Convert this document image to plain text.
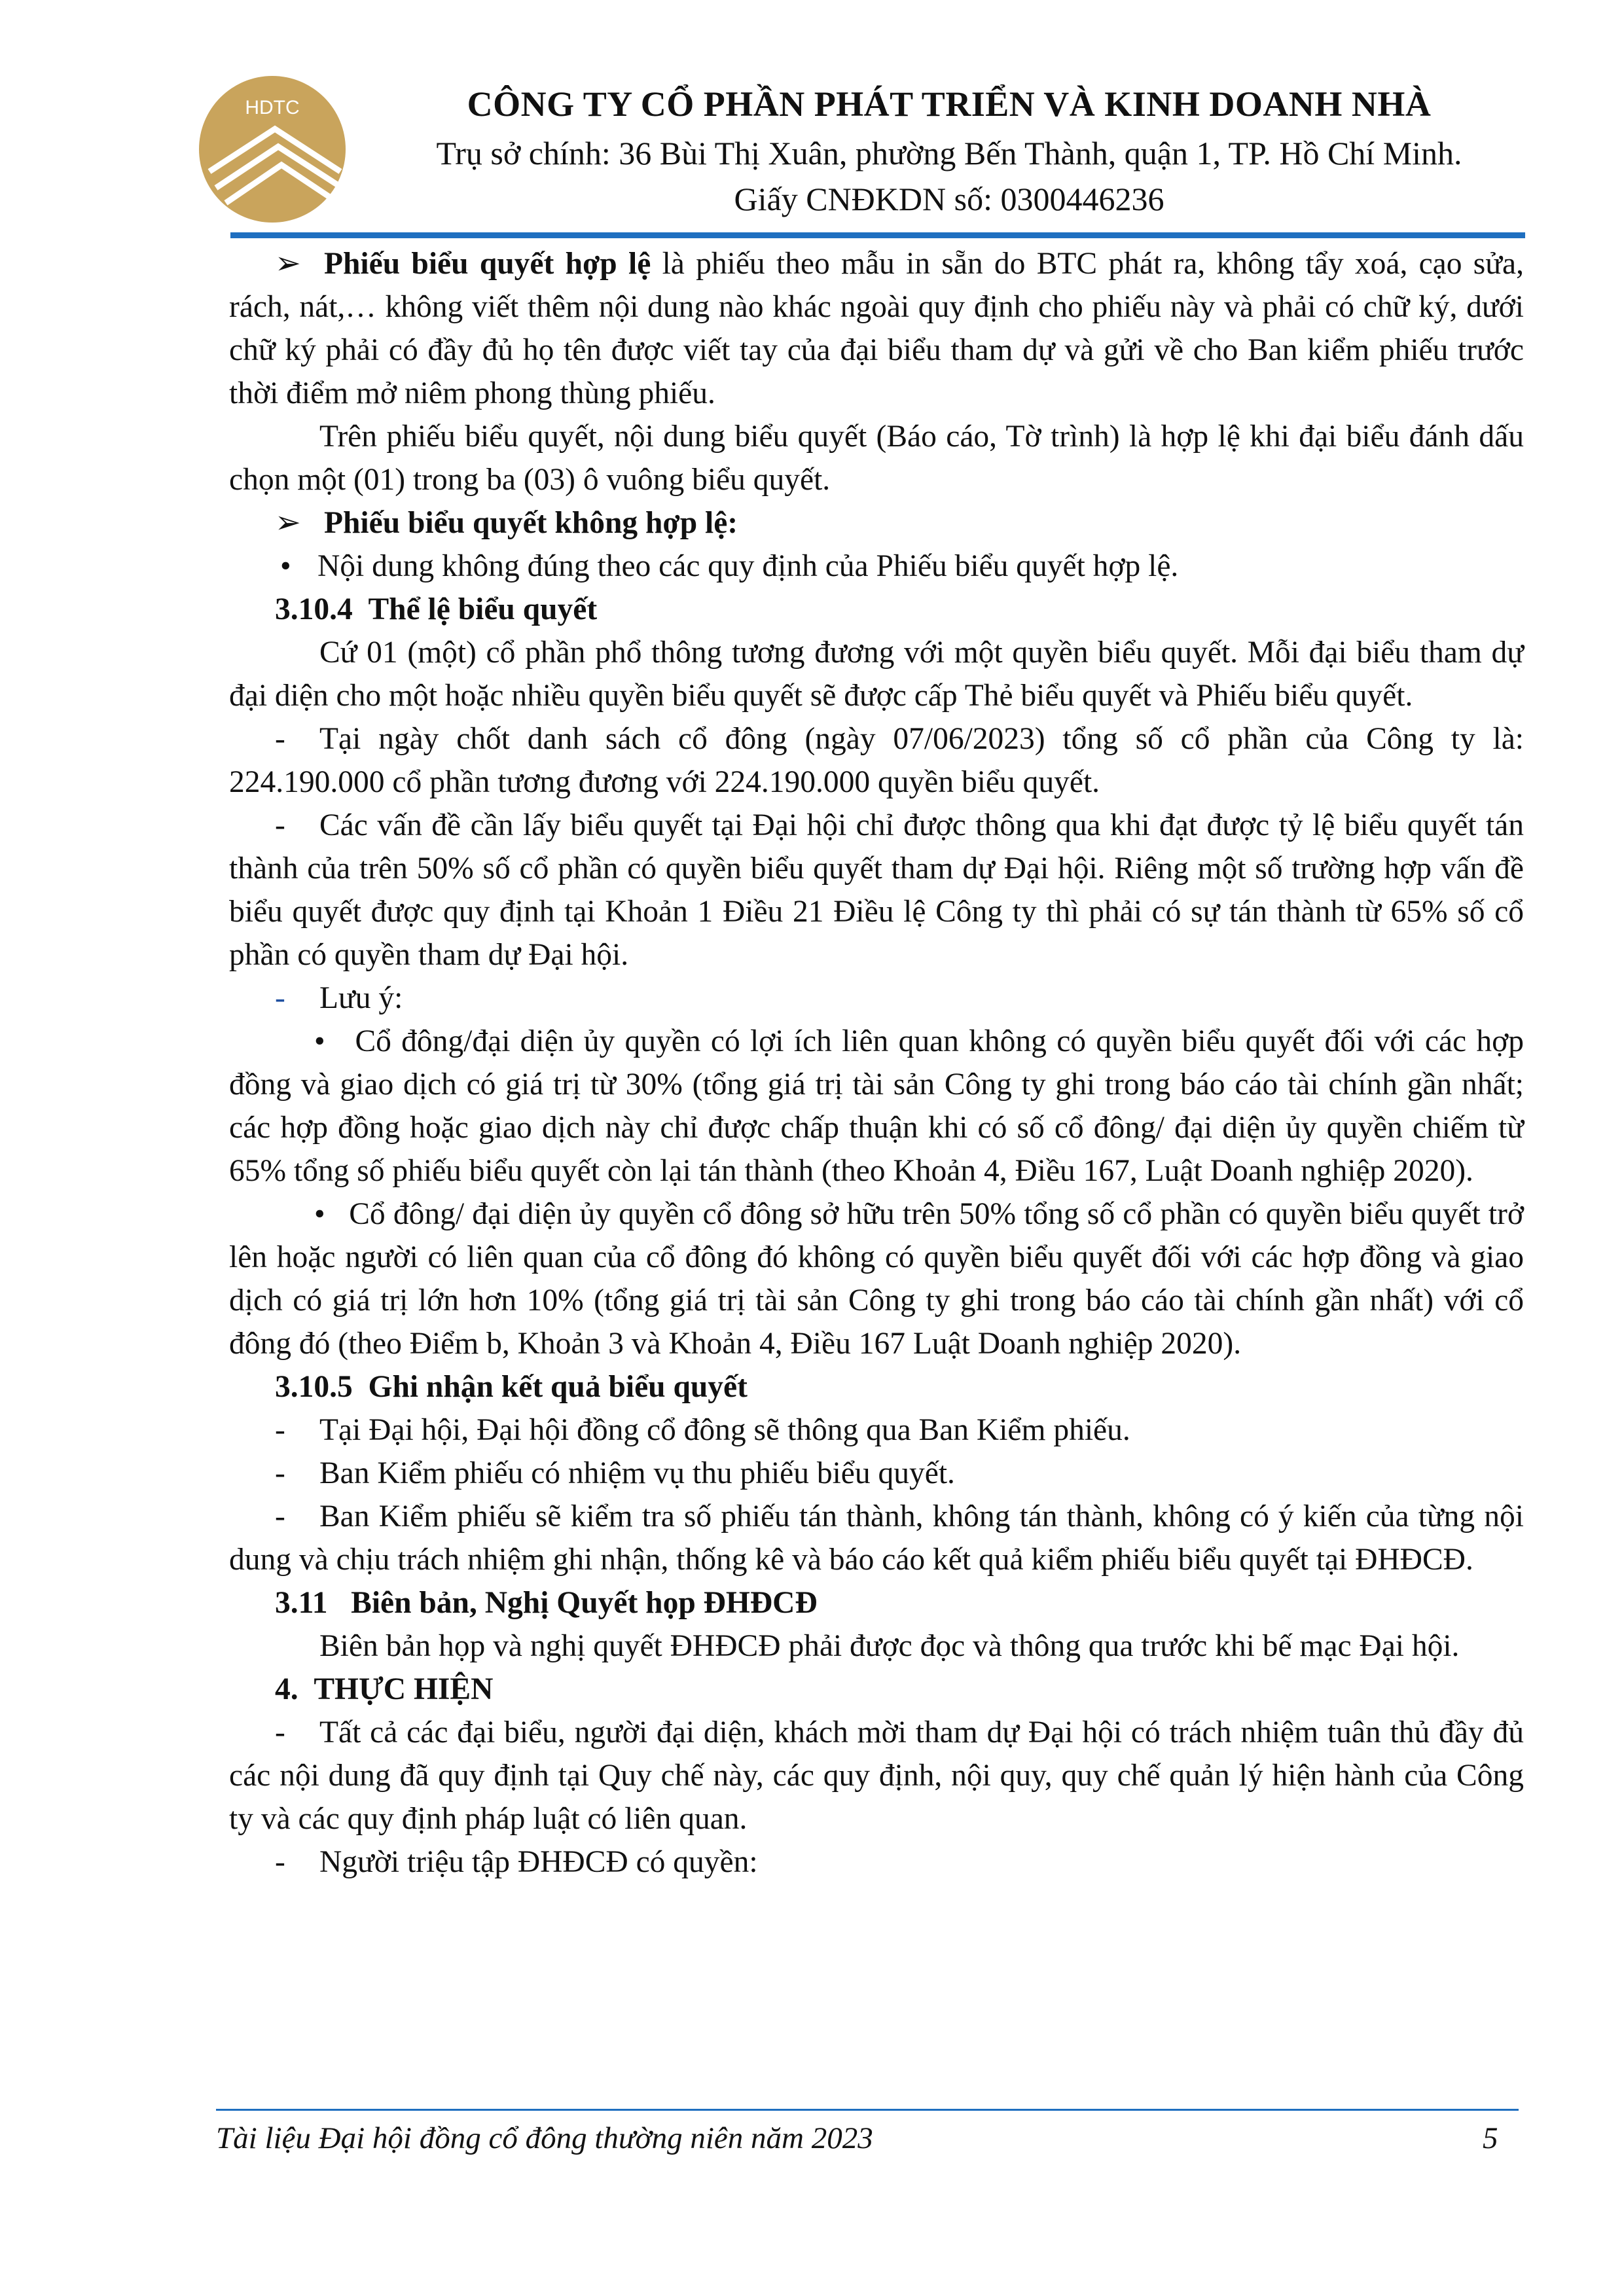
HDTC	CÔNG TY CỔ PHẦN PHÁT TRIỂN VÀ KINH DOANH NHÀ
Trụ sở chính: 36 Bùi Thị Xuân, phường Bến Thành, quận 1, TP. Hồ Chí Minh.
Giấy CNĐKDN số: 0300446236

➢ Phiếu biểu quyết hợp lệ là phiếu theo mẫu in sẵn do BTC phát ra, không tẩy xoá, cạo sửa, rách, nát,… không viết thêm nội dung nào khác ngoài quy định cho phiếu này và phải có chữ ký, dưới chữ ký phải có đầy đủ họ tên được viết tay của đại biểu tham dự và gửi về cho Ban kiểm phiếu trước thời điểm mở niêm phong thùng phiếu.

Trên phiếu biểu quyết, nội dung biểu quyết (Báo cáo, Tờ trình) là hợp lệ khi đại biểu đánh dấu chọn một (01) trong ba (03) ô vuông biểu quyết.

➢ Phiếu biểu quyết không hợp lệ:

• Nội dung không đúng theo các quy định của Phiếu biểu quyết hợp lệ.

3.10.4 Thể lệ biểu quyết

Cứ 01 (một) cổ phần phổ thông tương đương với một quyền biểu quyết. Mỗi đại biểu tham dự đại diện cho một hoặc nhiều quyền biểu quyết sẽ được cấp Thẻ biểu quyết và Phiếu biểu quyết.

- Tại ngày chốt danh sách cổ đông (ngày 07/06/2023) tổng số cổ phần của Công ty là: 224.190.000 cổ phần tương đương với 224.190.000 quyền biểu quyết.

- Các vấn đề cần lấy biểu quyết tại Đại hội chỉ được thông qua khi đạt được tỷ lệ biểu quyết tán thành của trên 50% số cổ phần có quyền biểu quyết tham dự Đại hội. Riêng một số trường hợp vấn đề biểu quyết được quy định tại Khoản 1 Điều 21 Điều lệ Công ty thì phải có sự tán thành từ 65% số cổ phần có quyền tham dự Đại hội.

- Lưu ý:

• Cổ đông/đại diện ủy quyền có lợi ích liên quan không có quyền biểu quyết đối với các hợp đồng và giao dịch có giá trị từ 30% (tổng giá trị tài sản Công ty ghi trong báo cáo tài chính gần nhất; các hợp đồng hoặc giao dịch này chỉ được chấp thuận khi có số cổ đông/ đại diện ủy quyền chiếm từ 65% tổng số phiếu biểu quyết còn lại tán thành (theo Khoản 4, Điều 167, Luật Doanh nghiệp 2020).

• Cổ đông/ đại diện ủy quyền cổ đông sở hữu trên 50% tổng số cổ phần có quyền biểu quyết trở lên hoặc người có liên quan của cổ đông đó không có quyền biểu quyết đối với các hợp đồng và giao dịch có giá trị lớn hơn 10% (tổng giá trị tài sản Công ty ghi trong báo cáo tài chính gần nhất) với cổ đông đó (theo Điểm b, Khoản 3 và Khoản 4, Điều 167 Luật Doanh nghiệp 2020).

3.10.5 Ghi nhận kết quả biểu quyết

- Tại Đại hội, Đại hội đồng cổ đông sẽ thông qua Ban Kiểm phiếu.

- Ban Kiểm phiếu có nhiệm vụ thu phiếu biểu quyết.

- Ban Kiểm phiếu sẽ kiểm tra số phiếu tán thành, không tán thành, không có ý kiến của từng nội dung và chịu trách nhiệm ghi nhận, thống kê và báo cáo kết quả kiểm phiếu biểu quyết tại ĐHĐCĐ.

3.11 Biên bản, Nghị Quyết họp ĐHĐCĐ

Biên bản họp và nghị quyết ĐHĐCĐ phải được đọc và thông qua trước khi bế mạc Đại hội.

4. THỰC HIỆN

- Tất cả các đại biểu, người đại diện, khách mời tham dự Đại hội có trách nhiệm tuân thủ đầy đủ các nội dung đã quy định tại Quy chế này, các quy định, nội quy, quy chế quản lý hiện hành của Công ty và các quy định pháp luật có liên quan.

- Người triệu tập ĐHĐCĐ có quyền:

Tài liệu Đại hội đồng cổ đông thường niên năm 2023	5
